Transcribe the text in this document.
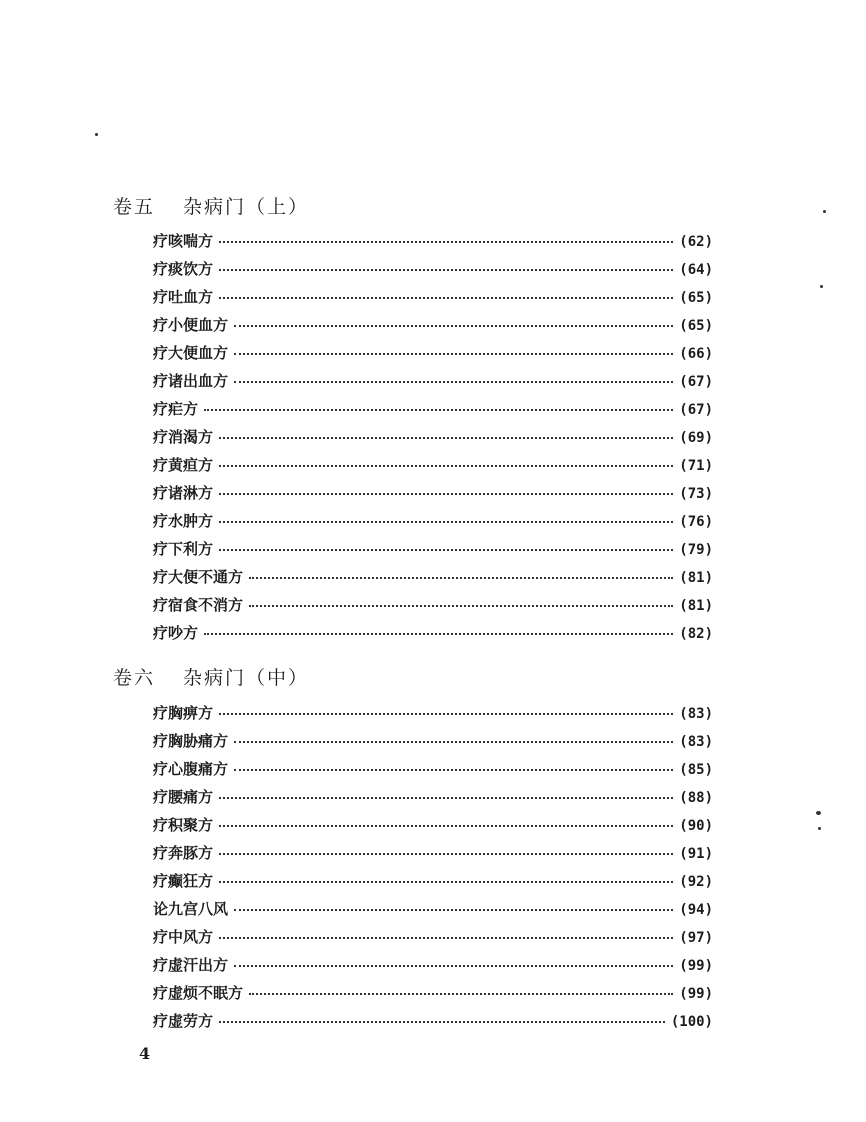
卷五 杂病门（上）
疗咳喘方	(62)
疗痰饮方	(64)
疗吐血方	(65)
疗小便血方	(65)
疗大便血方	(66)
疗诸出血方	(67)
疗疟方	(67)
疗消渴方	(69)
疗黄疸方	(71)
疗诸淋方	(73)
疗水肿方	(76)
疗下利方	(79)
疗大便不通方	(81)
疗宿食不消方	(81)
疗吵方	(82)
卷六 杂病门（中）
疗胸痹方	(83)
疗胸胁痛方	(83)
疗心腹痛方	(85)
疗腰痛方	(88)
疗积聚方	(90)
疗奔豚方	(91)
疗癫狂方	(92)
论九宫八风	(94)
疗中风方	(97)
疗虚汗出方	(99)
疗虚烦不眠方	(99)
疗虚劳方	(100)
4
